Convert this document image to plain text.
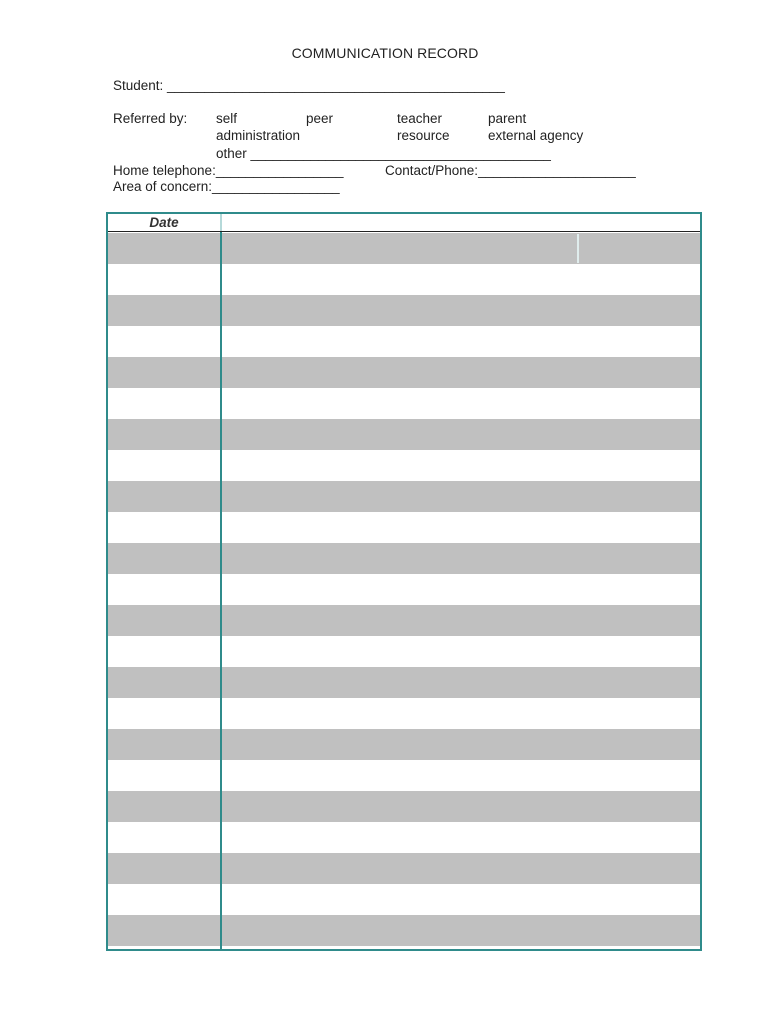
COMMUNICATION RECORD
Student: _____________________________________________
Referred by: self	peer	teacher	parent
administration	resource	external agency
other ________________________________________
Home telephone:_________________	Contact/Phone:_____________________
Area of concern:_________________
Date
